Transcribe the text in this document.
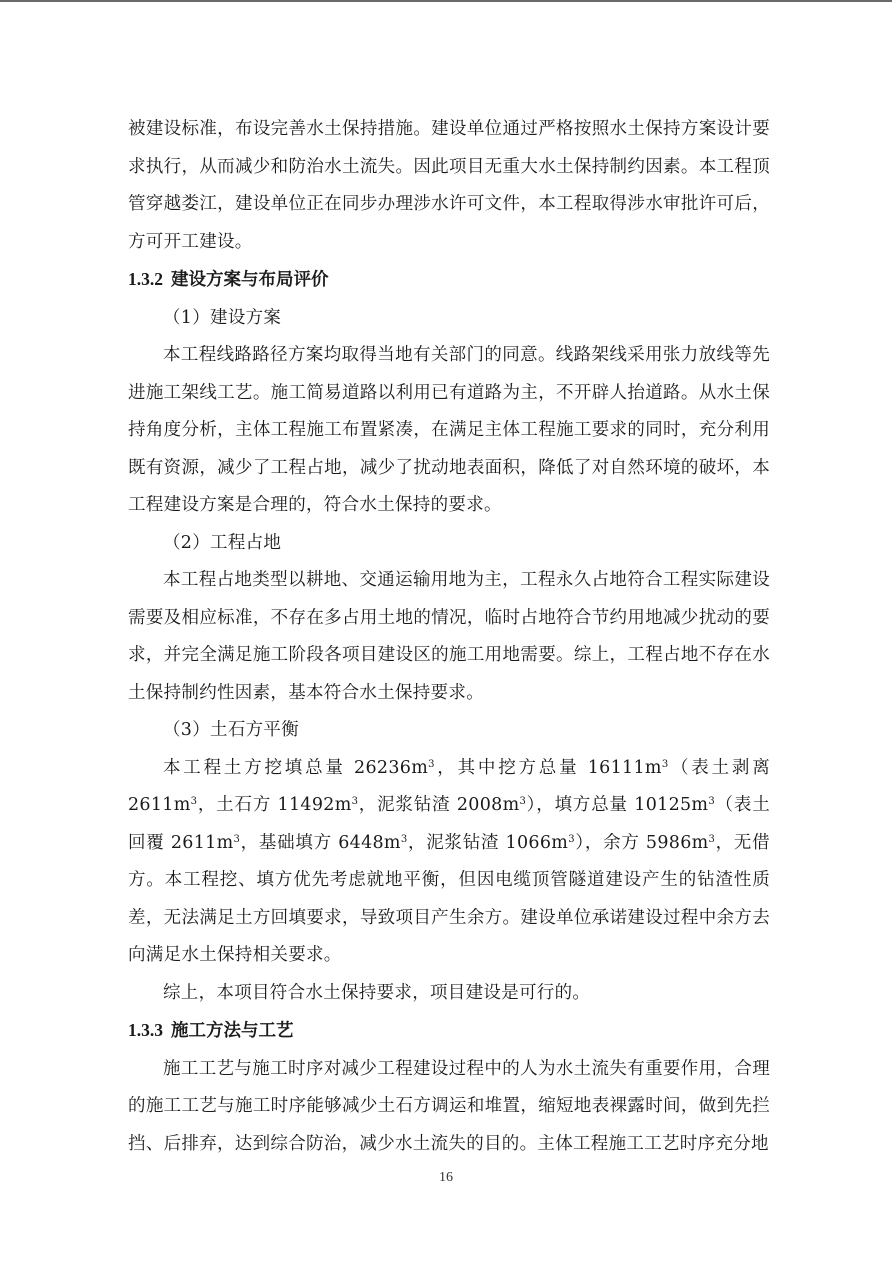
被建设标准，布设完善水土保持措施。建设单位通过严格按照水土保持方案设计要求执行，从而减少和防治水土流失。因此项目无重大水土保持制约因素。本工程顶管穿越娄江，建设单位正在同步办理涉水许可文件，本工程取得涉水审批许可后，方可开工建设。

1.3.2 建设方案与布局评价

（1）建设方案

本工程线路路径方案均取得当地有关部门的同意。线路架线采用张力放线等先进施工架线工艺。施工简易道路以利用已有道路为主，不开辟人抬道路。从水土保持角度分析，主体工程施工布置紧凑，在满足主体工程施工要求的同时，充分利用既有资源，减少了工程占地，减少了扰动地表面积，降低了对自然环境的破坏，本工程建设方案是合理的，符合水土保持的要求。

（2）工程占地

本工程占地类型以耕地、交通运输用地为主，工程永久占地符合工程实际建设需要及相应标准，不存在多占用土地的情况，临时占地符合节约用地减少扰动的要求，并完全满足施工阶段各项目建设区的施工用地需要。综上，工程占地不存在水土保持制约性因素，基本符合水土保持要求。

（3）土石方平衡

本工程土方挖填总量 $26236m^3$，其中挖方总量 $16111m^3$（表土剥离 $2611m^3$，土石方 $11492m^3$，泥浆钻渣 $2008m^3$），填方总量 $10125m^3$（表土回覆 $2611m^3$，基础填方 $6448m^3$，泥浆钻渣 $1066m^3$），余方 $5986m^3$，无借方。本工程挖、填方优先考虑就地平衡，但因电缆顶管隧道建设产生的钻渣性质差，无法满足土方回填要求，导致项目产生余方。建设单位承诺建设过程中余方去向满足水土保持相关要求。

综上，本项目符合水土保持要求，项目建设是可行的。

1.3.3 施工方法与工艺

施工工艺与施工时序对减少工程建设过程中的人为水土流失有重要作用，合理的施工工艺与施工时序能够减少土石方调运和堆置，缩短地表裸露时间，做到先拦挡、后排弃，达到综合防治，减少水土流失的目的。主体工程施工工艺时序充分地

16
